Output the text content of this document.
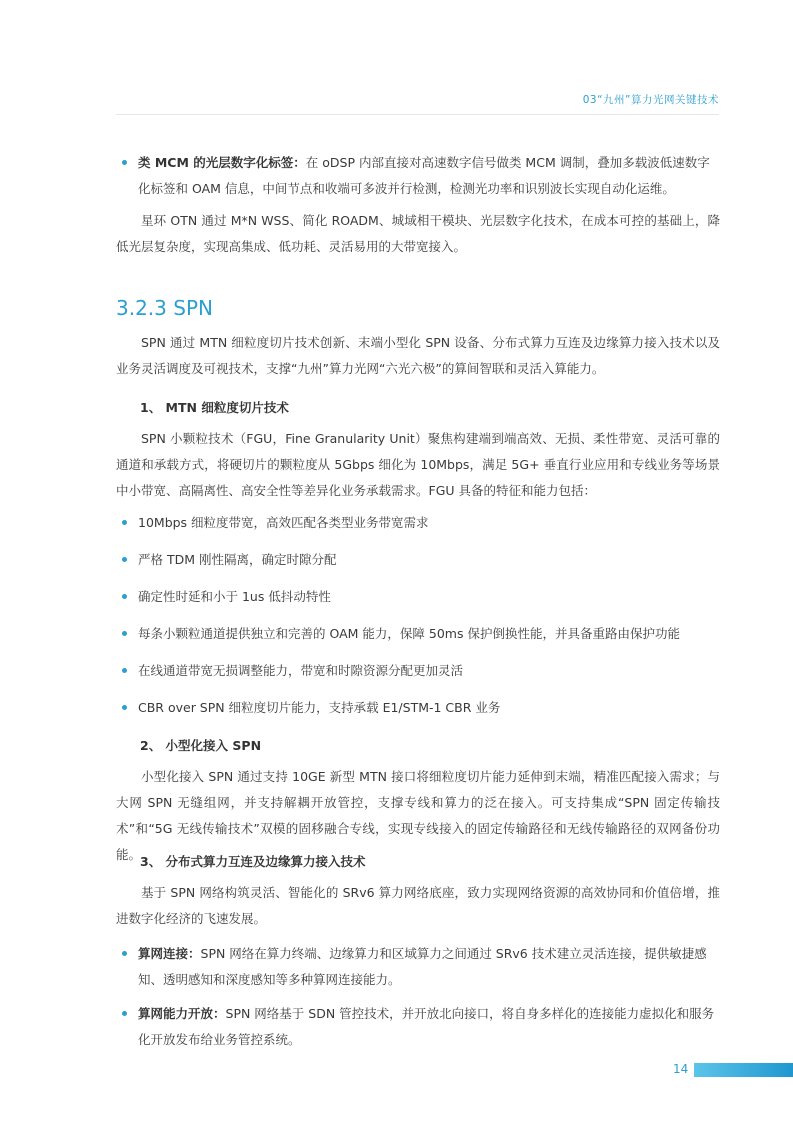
03“九州”算力光网关键技术
类 MCM 的光层数字化标签：在 oDSP 内部直接对高速数字信号做类 MCM 调制，叠加多载波低速数字化标签和 OAM 信息，中间节点和收端可多波并行检测，检测光功率和识别波长实现自动化运维。
星环 OTN 通过 M*N WSS、简化 ROADM、城域相干模块、光层数字化技术，在成本可控的基础上，降低光层复杂度，实现高集成、低功耗、灵活易用的大带宽接入。
3.2.3 SPN
SPN 通过 MTN 细粒度切片技术创新、末端小型化 SPN 设备、分布式算力互连及边缘算力接入技术以及业务灵活调度及可视技术，支撑“九州”算力光网“六光六极”的算间智联和灵活入算能力。
1、 MTN 细粒度切片技术
SPN 小颗粒技术（FGU，Fine Granularity Unit）聚焦构建端到端高效、无损、柔性带宽、灵活可靠的通道和承载方式，将硬切片的颗粒度从 5Gbps 细化为 10Mbps，满足 5G+ 垂直行业应用和专线业务等场景中小带宽、高隔离性、高安全性等差异化业务承载需求。FGU 具备的特征和能力包括：
10Mbps 细粒度带宽，高效匹配各类型业务带宽需求
严格 TDM 刚性隔离，确定时隙分配
确定性时延和小于 1us 低抖动特性
每条小颗粒通道提供独立和完善的 OAM 能力，保障 50ms 保护倒换性能，并具备重路由保护功能
在线通道带宽无损调整能力，带宽和时隙资源分配更加灵活
CBR over SPN 细粒度切片能力，支持承载 E1/STM-1 CBR 业务
2、 小型化接入 SPN
小型化接入 SPN 通过支持 10GE 新型 MTN 接口将细粒度切片能力延伸到末端，精准匹配接入需求；与大网 SPN 无缝组网，并支持解耦开放管控，支撑专线和算力的泛在接入。可支持集成“SPN 固定传输技术”和“5G 无线传输技术”双模的固移融合专线，实现专线接入的固定传输路径和无线传输路径的双网备份功能。
3、 分布式算力互连及边缘算力接入技术
基于 SPN 网络构筑灵活、智能化的 SRv6 算力网络底座，致力实现网络资源的高效协同和价值倍增，推进数字化经济的飞速发展。
算网连接：SPN 网络在算力终端、边缘算力和区域算力之间通过 SRv6 技术建立灵活连接，提供敏捷感知、透明感知和深度感知等多种算网连接能力。
算网能力开放：SPN 网络基于 SDN 管控技术，并开放北向接口，将自身多样化的连接能力虚拟化和服务化开放发布给业务管控系统。
14
